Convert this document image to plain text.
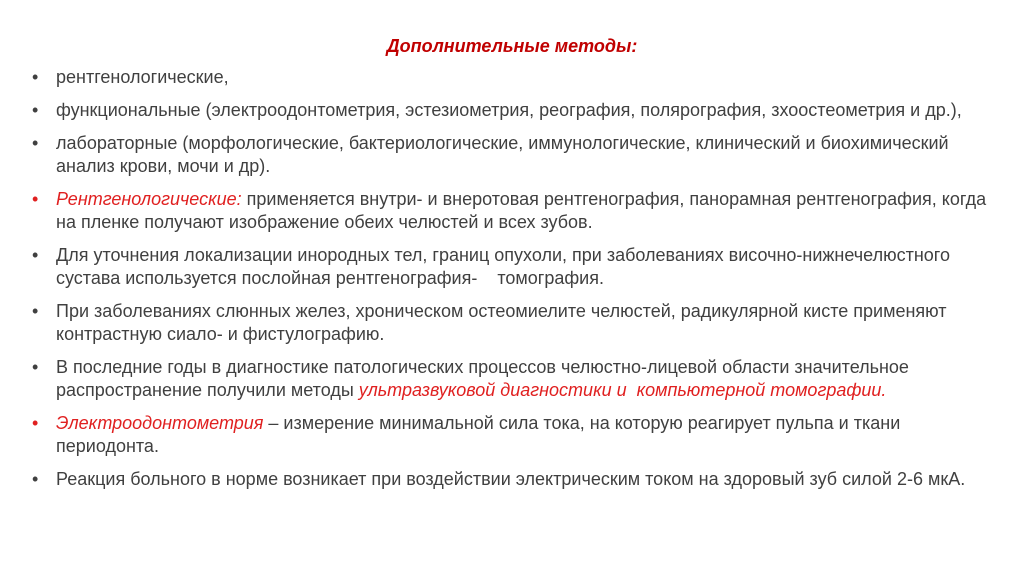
Дополнительные методы:
• рентгенологические,
• функциональные (электроодонтометрия, эстезиометрия, реография, полярография, зхоостеометрия и др.),
• лабораторные (морфологические, бактериологические, иммунологические, клинический и биохимический анализ крови, мочи и др).
• Рентгенологические: применяется внутри- и внеротовая рентгенография, панорамная рентгенография, когда на пленке получают изображение обеих челюстей и всех зубов.
• Для уточнения локализации инородных тел, границ опухоли, при заболеваниях височно-нижнечелюстного сустава используется послойная рентгенография-    томография.
• При заболеваниях слюнных желез, хроническом остеомиелите челюстей, радикулярной кисте применяют контрастную сиало- и фистулографию.
• В последние годы в диагностике патологических процессов челюстно-лицевой области значительное распространение получили методы ультразвуковой диагностики и  компьютерной томографии.
• Электроодонтометрия – измерение минимальной сила тока, на которую реагирует пульпа и ткани периодонта.
• Реакция больного в норме возникает при воздействии электрическим током на здоровый зуб силой 2-6 мкА.
